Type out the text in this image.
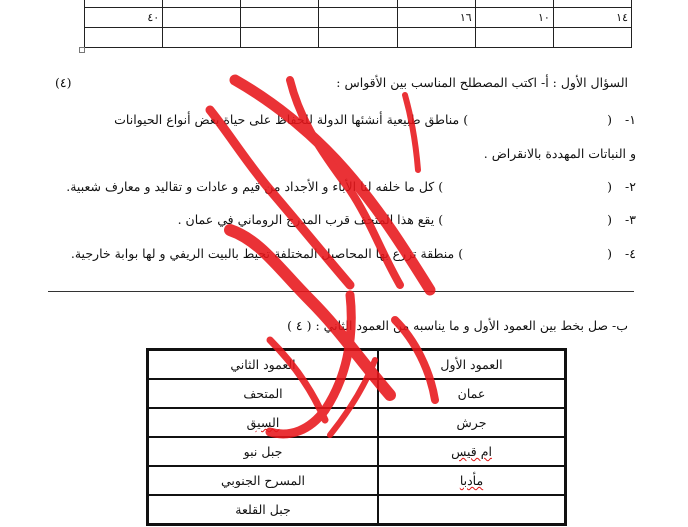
٤٠				١٦	١٠	١٤

السؤال الأول : أ- اكتب المصطلح المناسب بين الأقواس :
(٤)
١- () مناطق طبيعية أنشئها الدولة للحفاظ على حياة بعض أنواع الحيوانات
و النباتات المهددة بالانقراض .
٢- () كل ما خلفه لنا الأباء و الأجداد من قيم و عادات و تقاليد و معارف شعبية.
٣- () يقع هذا المتحف قرب المدرج الروماني في عمان .
٤- () منطقة تزرع بها المحاصيل المختلفة تحيط بالبيت الريفي و لها بوابة خارجية.
ب- صل بخط بين العمود الأول و ما يناسبه من العمود الثاني : ( ٤ )
العمود الأول	العمود الثاني
عمان	المتحف
جرش	السيق
ام قيس	جبل نبو
مأدبا	المسرح الجنوبي
	جبل القلعة
